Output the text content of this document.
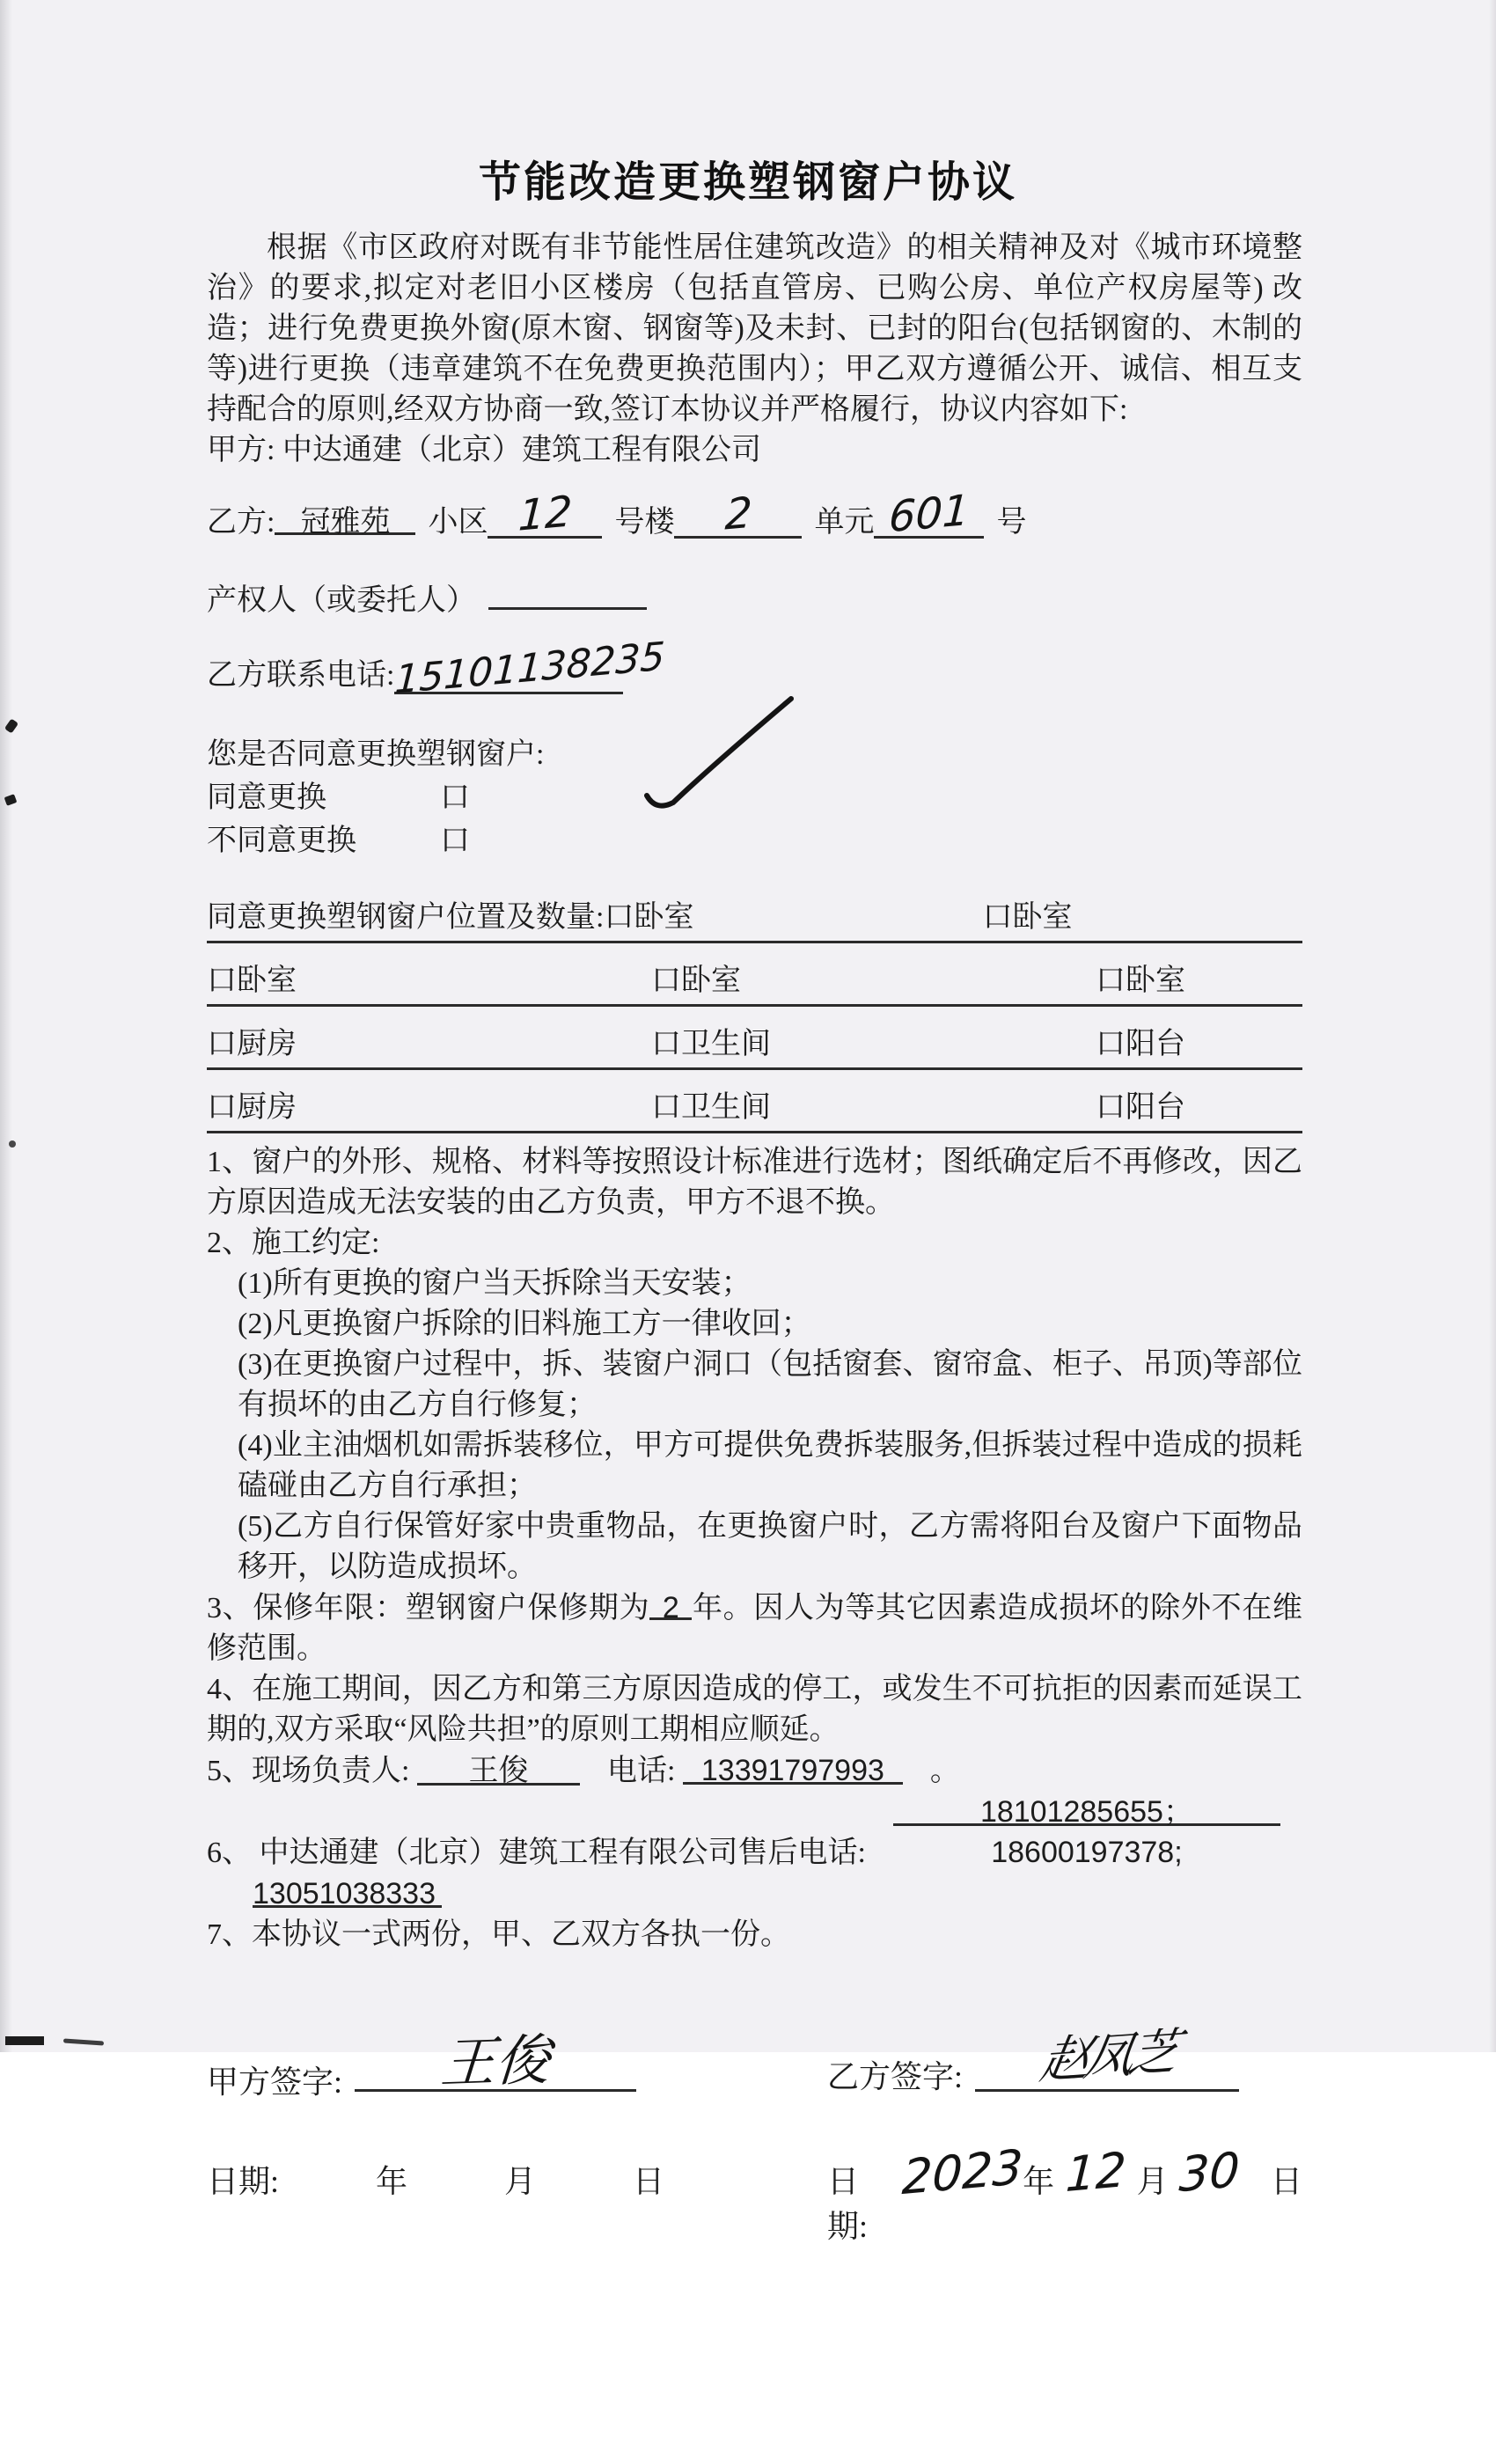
节能改造更换塑钢窗户协议

根据《市区政府对既有非节能性居住建筑改造》的相关精神及对《城市环境整治》的要求,拟定对老旧小区楼房（包括直管房、已购公房、单位产权房屋等) 改造；进行免费更换外窗(原木窗、钢窗等)及未封、已封的阳台(包括钢窗的、木制的等)进行更换（违章建筑不在免费更换范围内）；甲乙双方遵循公开、诚信、相互支持配合的原则,经双方协商一致,签订本协议并严格履行，协议内容如下:

甲方: 中达通建（北京）建筑工程有限公司

乙方: 冠雅苑	小区 12	号楼	2	单元 601 号
产权人（或委托人）
乙方联系电话: 15101138235
您是否同意更换塑钢窗户:
同意更换	口
不同意更换	口
同意更换塑钢窗户位置及数量: 口卧室	口卧室
口卧室	口卧室	口卧室
口厨房	口卫生间	口阳台
口厨房	口卫生间	口阳台

1、窗户的外形、规格、材料等按照设计标准进行选材；图纸确定后不再修改，因乙方原因造成无法安装的由乙方负责，甲方不退不换。

2、施工约定:

(1)所有更换的窗户当天拆除当天安装；

(2)凡更换窗户拆除的旧料施工方一律收回；

(3)在更换窗户过程中，拆、装窗户洞口（包括窗套、窗帘盒、柜子、吊顶)等部位有损坏的由乙方自行修复；

(4)业主油烟机如需拆装移位，甲方可提供免费拆装服务,但拆装过程中造成的损耗磕碰由乙方自行承担；

(5)乙方自行保管好家中贵重物品，在更换窗户时，乙方需将阳台及窗户下面物品移开，以防造成损坏。

3、保修年限：塑钢窗户保修期为 2 年。因人为等其它因素造成损坏的除外不在维修范围。

4、在施工期间，因乙方和第三方原因造成的停工，或发生不可抗拒的因素而延误工期的,双方采取“风险共担”的原则工期相应顺延。

5、现场负责人: 王俊	电话: 13391797993 。

6、 中达通建（北京）建筑工程有限公司售后电话:  18101285655；18600197378;

13051038333

7、本协议一式两份，甲、乙双方各执一份。

甲方签字:	王俊	乙方签字:	赵凤芝
日期:	年	月	日	日期:
2023
年 12 月 30 日
